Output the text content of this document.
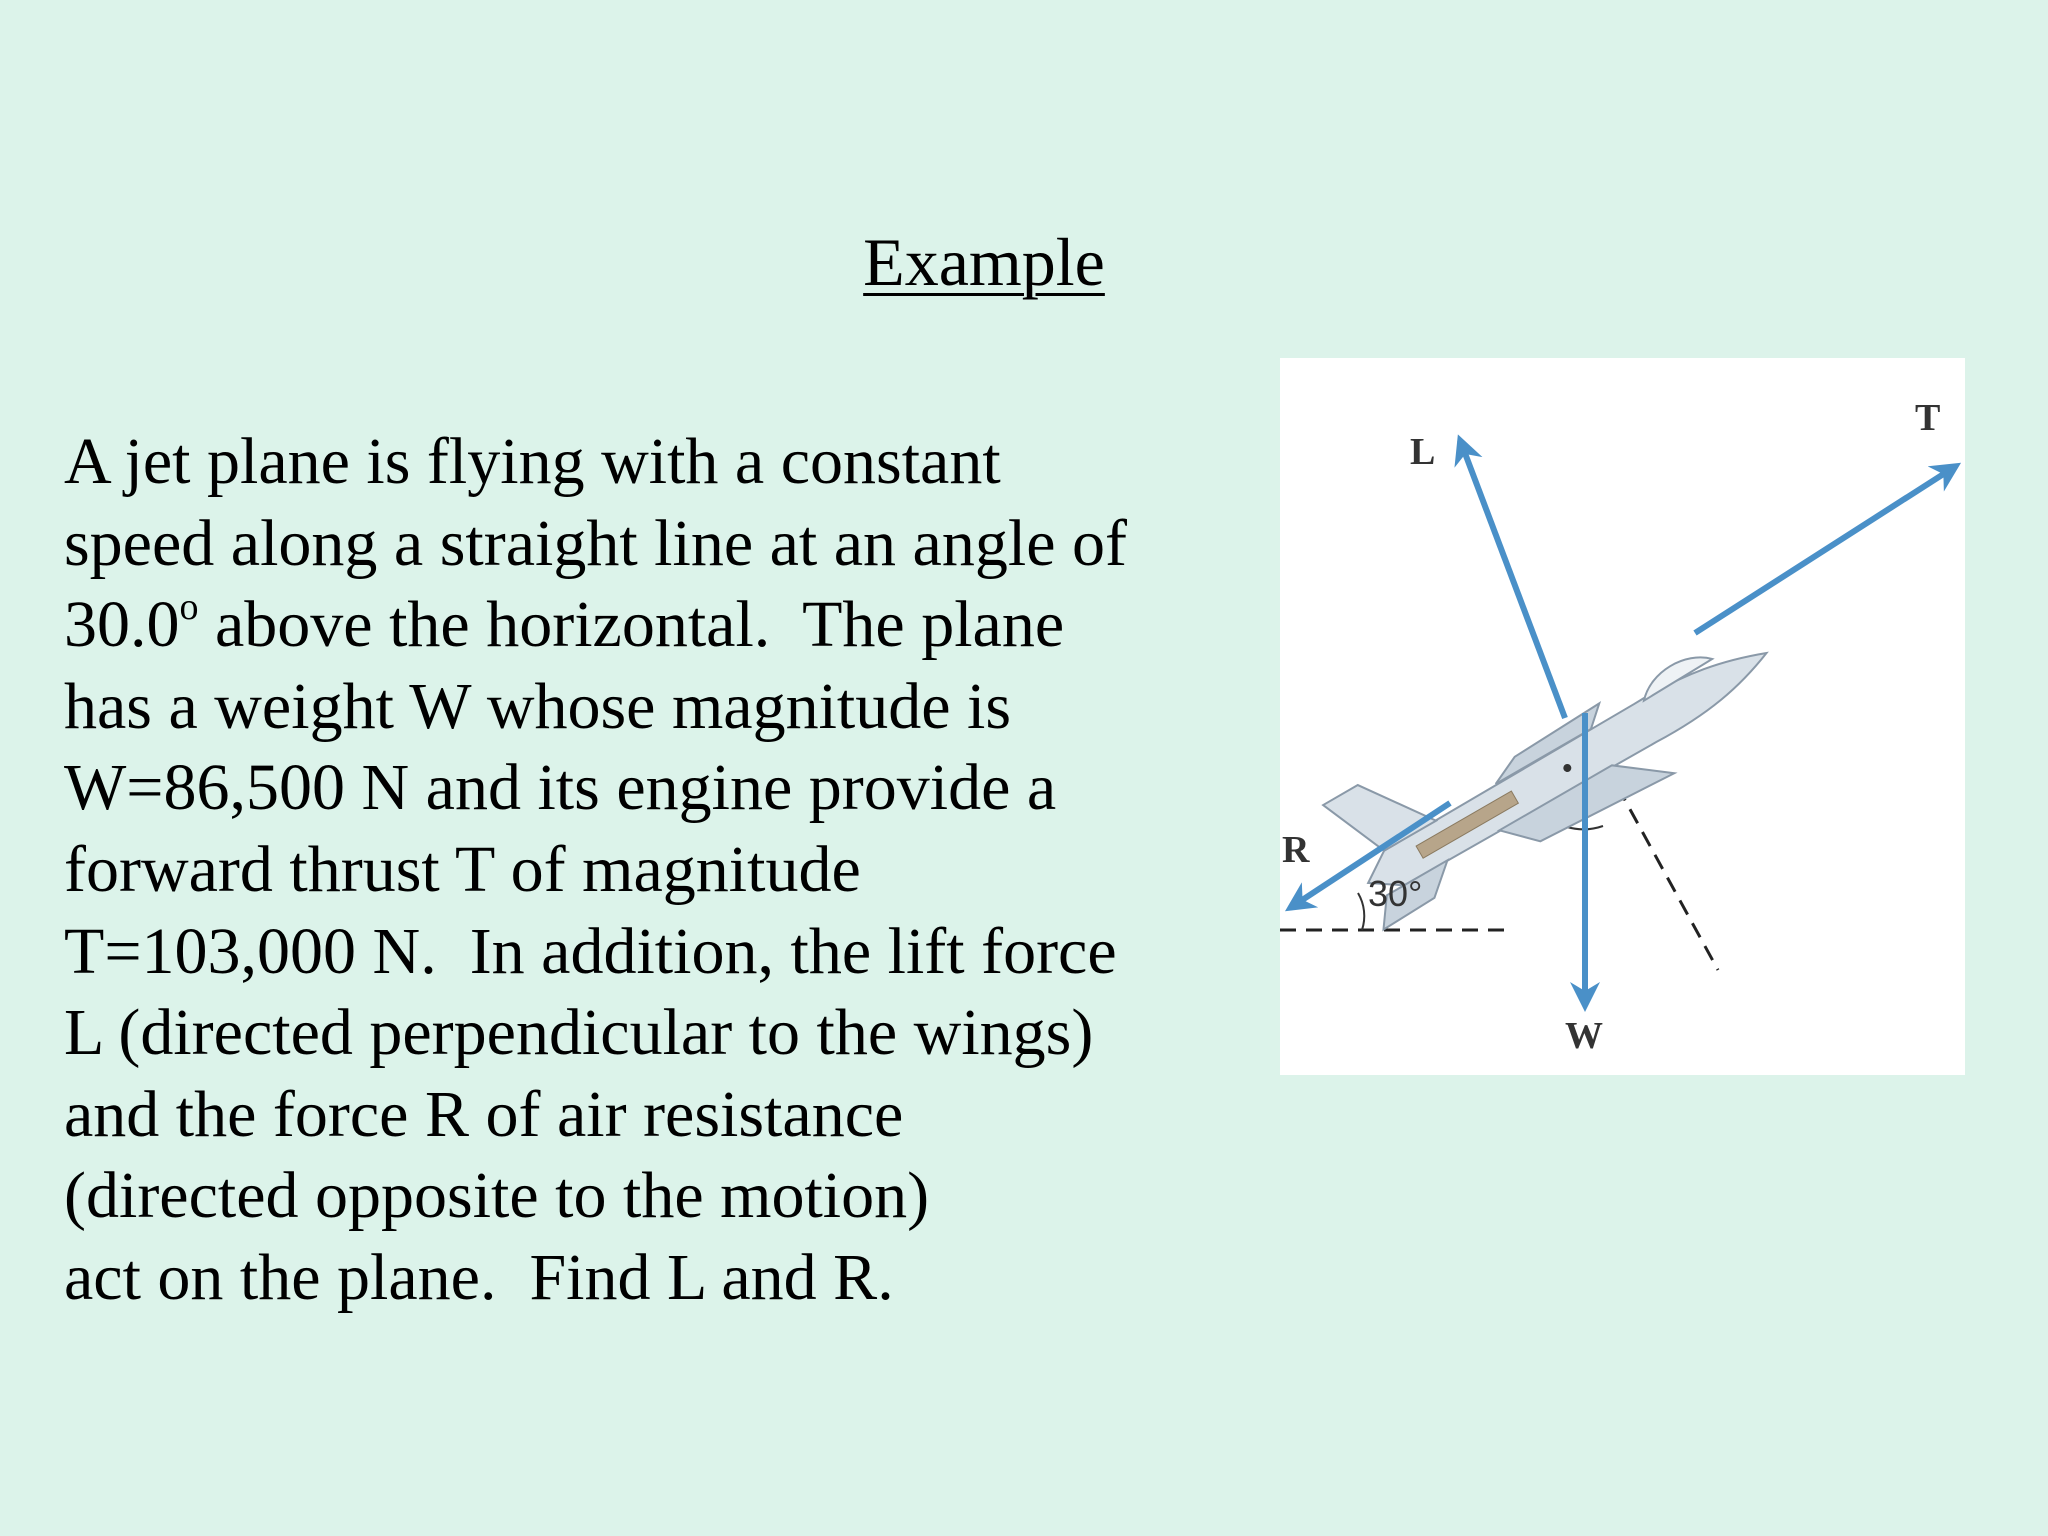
Example
A jet plane is flying with a constant
speed along a straight line at an angle of
30.0$^o$ above the horizontal.  The plane
has a weight W whose magnitude is
W=86,500 N and its engine provide a
forward thrust T of magnitude
T=103,000 N.  In addition, the lift force
L (directed perpendicular to the wings)
and the force R of air resistance
(directed opposite to the motion)
act on the plane.  Find L and R.
L
T
R
W
30°
